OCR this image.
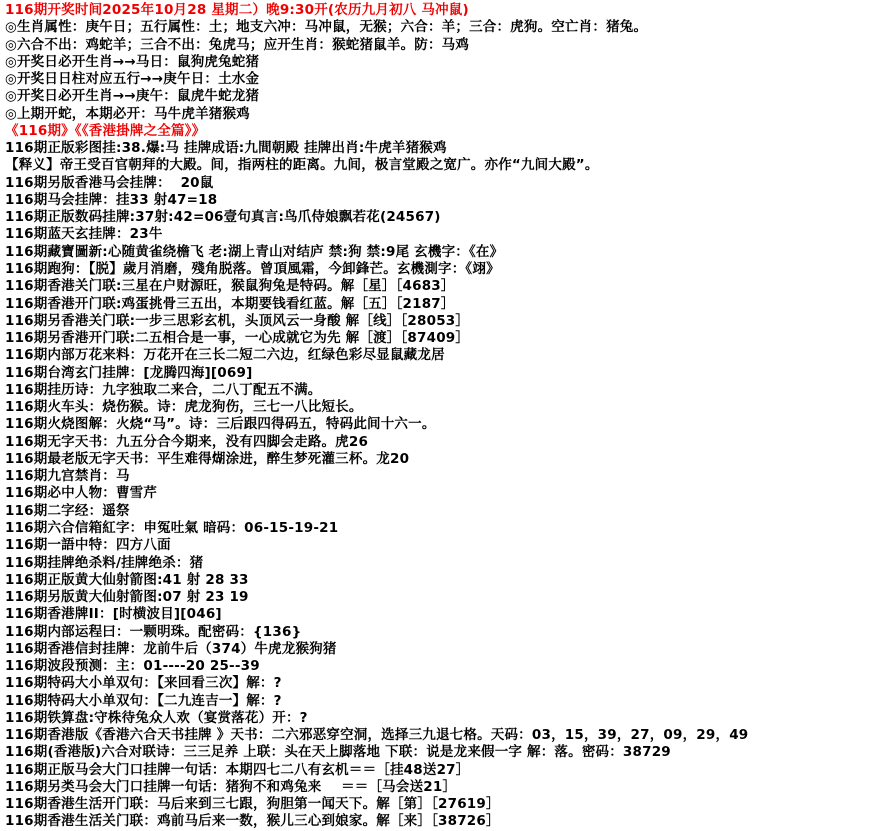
116期开奖时间2025年10月28 星期二）晚9:30开(农历九月初八 马冲鼠)
◎生肖属性：庚午日；五行属性：土；地支六冲：马冲鼠，无猴；六合：羊；三合：虎狗。空亡肖：猪兔。
◎六合不出：鸡蛇羊；三合不出：兔虎马；应开生肖：猴蛇猪鼠羊。防：马鸡
◎开奖日必开生肖→→马日：鼠狗虎兔蛇猪
◎开奖日日柱对应五行→→庚午日：土水金
◎开奖日必开生肖→→庚午：鼠虎牛蛇龙猪
◎上期开蛇，本期必开：马牛虎羊猪猴鸡
《116期》《《香港掛牌之全篇》》
116期正版彩图挂:38.爆:马 挂牌成语:九間朝殿 挂牌出肖:牛虎羊猪猴鸡
【释义】帝王受百官朝拜的大殿。间，指两柱的距离。九间，极言堂殿之宽广。亦作“九间大殿”。
116期另版香港马会挂牌：  20鼠
116期马会挂牌：挂33 射47=18
116期正版数码挂牌:37射:42=06壹句真言:鸟爪侍娘飘若花(24567)
116期蓝天玄挂牌：23牛
116期藏寶圖新:心随黄雀绕檐飞 老:湖上青山对结庐 禁:狗 禁:9尾 玄機字：《在》
116期跑狗：【脱】歲月消磨，殘角脱落。曾頂風霜，今卸鋒芒。玄機測字：《翊》
116期香港关门联:三星在户财源旺，猴鼠狗兔是特码。解［星］［4683］
116期香港开门联:鸡蛋挑骨三五出，本期要钱看红蓝。解［五］［2187］
116期另香港关门联:一步三思彩玄机，头顶风云一身酸 解［线］［28053］
116期另香港开门联:二五相合是一事，一心成就它为先 解［渡］［87409］
116期内部万花来料：万花开在三长二短二六边，红绿色彩尽显鼠藏龙居
116期台湾玄门挂牌：[龙腾四海][069]
116期挂历诗：九字独取二来合，二八丁配五不满。
116期火车头：烧伤猴。诗：虎龙狗伤，三七一八比短长。
116期火烧图解：火烧“马”。诗：三后跟四得码五，特码此间十六一。
116期无字天书：九五分合今期来，没有四脚会走路。虎26
116期最老版无字天书：平生难得煳涂进，醉生梦死灌三杯。龙20
116期九宫禁肖：马
116期必中人物：曹雪芹
116期二字经：遥祭
116期六合信箱紅字：申冤吐氣 暗码：06-15-19-21
116期一語中特：四方八面
116期挂牌绝杀料/挂牌绝杀：猪
116期正版黄大仙射箭图:41 射 28 33
116期另版黄大仙射箭图:07 射 23 19
116期香港牌II：[时横波目][046]
116期内部运程曰：一颗明珠。配密码：{136}
116期香港信封挂牌：龙前牛后（374）牛虎龙猴狗猪
116期波段预测：主：01----20 25--39
116期特码大小单双句：【来回看三次】解：?
116期特码大小单双句：【二九连吉一】解：?
116期铁算盘:守株待兔众人欢（宴赏落花）开：?
116期香港版《香港六合天书挂牌 》天书：二六邪恶穿空洞，选择三九退七格。天码：03，15，39，27，09，29，49
116期(香港版)六合对联诗：三三足养 上联：头在天上脚落地 下联：说是龙来假一字 解：落。密码：38729
116期正版马会大门口挂牌一句话：本期四七二八有玄机＝＝［挂48送27］
116期另类马会大门口挂牌一句话：猪狗不和鸡兔来    ＝＝［马会送21］
116期香港生活开门联：马后来到三七跟，狗胆第一闻天下。解［第］［27619］
116期香港生活关门联：鸡前马后来一数，猴儿三心到娘家。解［来］［38726］
